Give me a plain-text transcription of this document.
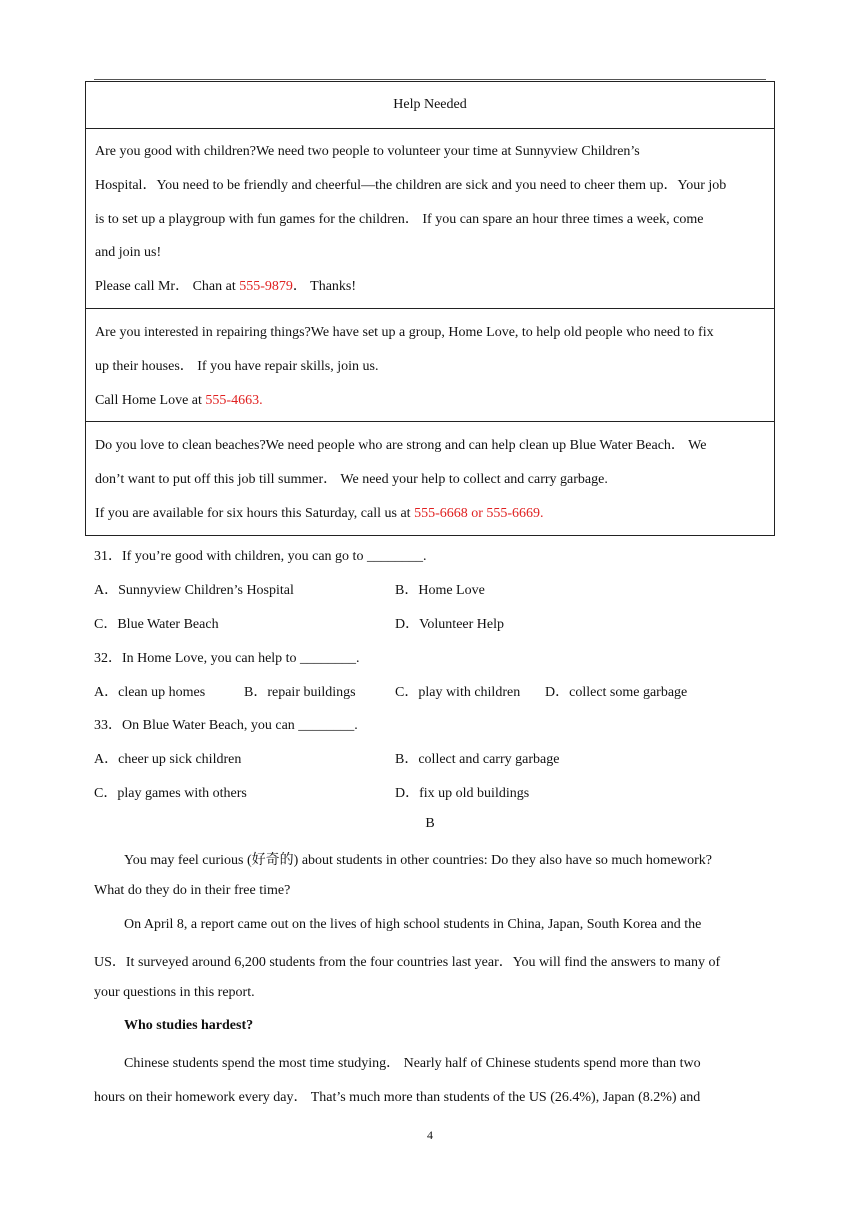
Help Needed
Are you good with children?We need two people to volunteer your time at Sunnyview Children’s
Hospital．You need to be friendly and cheerful—the children are sick and you need to cheer them up．Your job
is to set up a playgroup with fun games for the children． If you can spare an hour three times a week, come
and join us!
Please call Mr． Chan at 555-9879． Thanks!
Are you interested in repairing things?We have set up a group, Home Love, to help old people who need to fix
up their houses． If you have repair skills, join us.
Call Home Love at 555-4663.
Do you love to clean beaches?We need people who are strong and can help clean up Blue Water Beach． We
don’t want to put off this job till summer． We need your help to collect and carry garbage.
If you are available for six hours this Saturday, call us at 555-6668 or 555-6669.
31．If you’re good with children, you can go to ________.
A．Sunnyview Children’s Hospital	B．Home Love
C．Blue Water Beach	D．Volunteer Help
32．In Home Love, you can help to ________.
A．clean up homes	B．repair buildings	C．play with children D．collect some garbage
33．On Blue Water Beach, you can ________.
A．cheer up sick children	B．collect and carry garbage
C．play games with others	D．fix up old buildings
B
You may feel curious (好奇的) about students in other countries: Do they also have so much homework?
What do they do in their free time?
On April 8, a report came out on the lives of high school students in China, Japan, South Korea and the
US．It surveyed around 6,200 students from the four countries last year．You will find the answers to many of
your questions in this report.
Who studies hardest?
Chinese students spend the most time studying． Nearly half of Chinese students spend more than two
hours on their homework every day． That’s much more than students of the US (26.4%), Japan (8.2%) and
4
